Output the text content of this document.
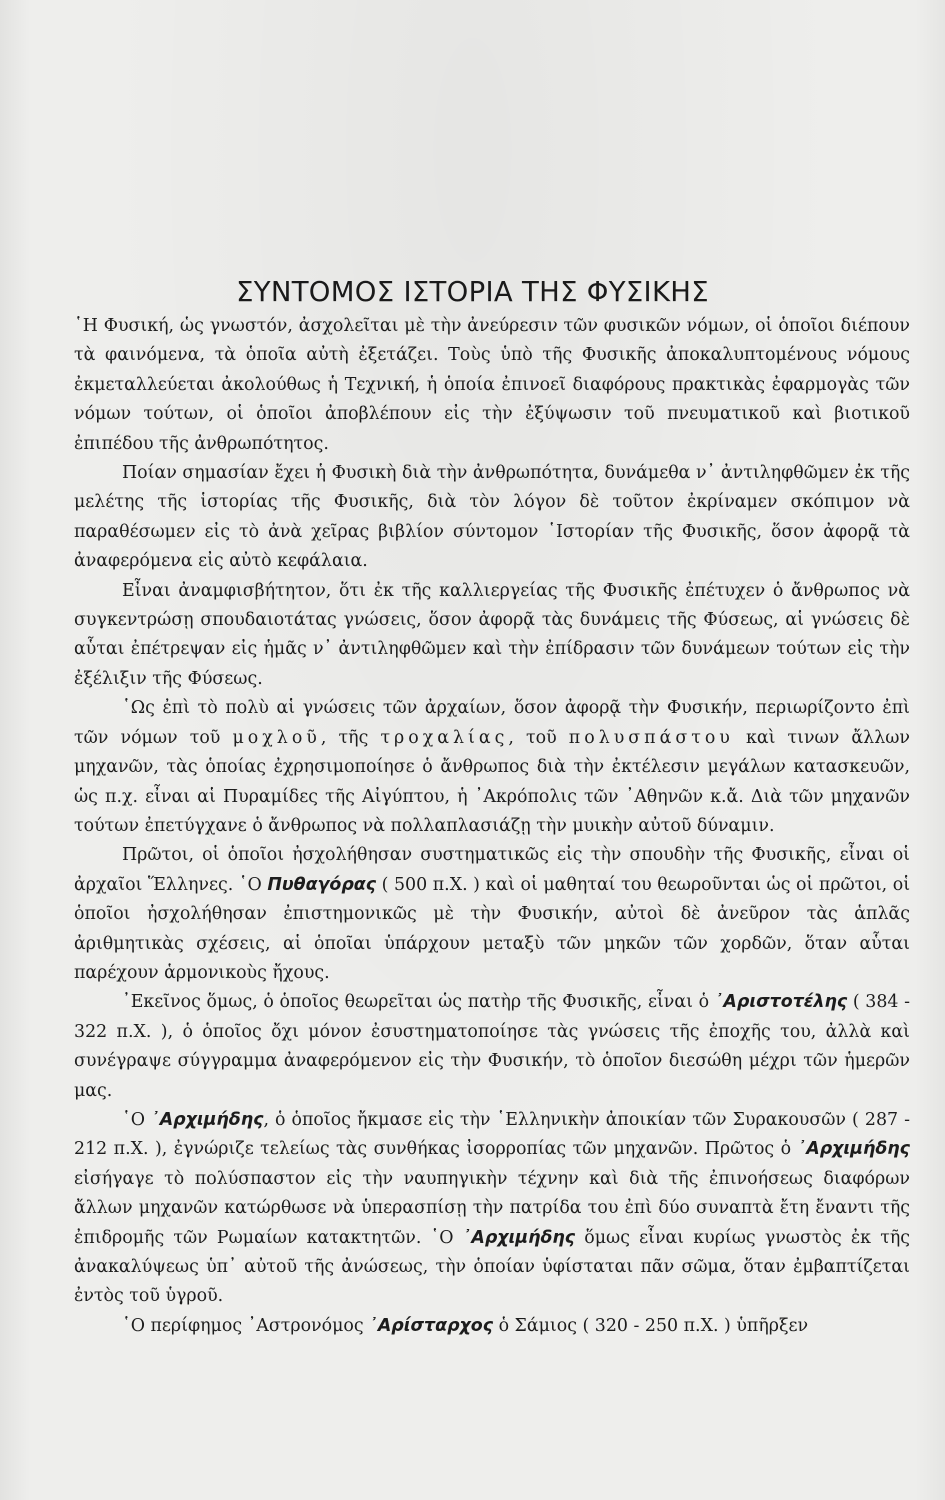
ΣΥΝΤΟΜΟΣ ΙΣΤΟΡΙΑ ΤΗΣ ΦΥΣΙΚΗΣ

῾Η Φυσική, ὡς γνωστόν, ἀσχολεῖται μὲ τὴν ἀνεύρεσιν τῶν φυσικῶν νόμων, οἱ ὁποῖοι διέπουν τὰ φαινόμενα, τὰ ὁποῖα αὐτὴ ἐξετάζει. Τοὺς ὑπὸ τῆς Φυσικῆς ἀποκαλυπτομένους νόμους ἐκμεταλλεύεται ἀκολούθως ἡ Τεχνική, ἡ ὁποία ἐπινοεῖ διαφόρους πρακτικὰς ἐφαρμογὰς τῶν νόμων τούτων, οἱ ὁποῖοι ἀποβλέπουν εἰς τὴν ἐξύψωσιν τοῦ πνευματικοῦ καὶ βιοτικοῦ ἐπιπέδου τῆς ἀνθρωπότητος.

Ποίαν σημασίαν ἔχει ἡ Φυσικὴ διὰ τὴν ἀνθρωπότητα, δυνάμεθα ν᾿ ἀντιληφθῶμεν ἐκ τῆς μελέτης τῆς ἱστορίας τῆς Φυσικῆς, διὰ τὸν λόγον δὲ τοῦτον ἐκρίναμεν σκόπιμον νὰ παραθέσωμεν εἰς τὸ ἀνὰ χεῖρας βιβλίον σύντομον ῾Ιστορίαν τῆς Φυσικῆς, ὅσον ἀφορᾷ τὰ ἀναφερόμενα εἰς αὐτὸ κεφάλαια.

Εἶναι ἀναμφισβήτητον, ὅτι ἐκ τῆς καλλιεργείας τῆς Φυσικῆς ἐπέτυχεν ὁ ἄνθρωπος νὰ συγκεντρώσῃ σπουδαιοτάτας γνώσεις, ὅσον ἀφορᾷ τὰς δυνάμεις τῆς Φύσεως, αἱ γνώσεις δὲ αὗται ἐπέτρεψαν εἰς ἡμᾶς ν᾿ ἀντιληφθῶμεν καὶ τὴν ἐπίδρασιν τῶν δυνάμεων τούτων εἰς τὴν ἐξέλιξιν τῆς Φύσεως.

῾Ως ἐπὶ τὸ πολὺ αἱ γνώσεις τῶν ἀρχαίων, ὅσον ἀφορᾷ τὴν Φυσικήν, περιωρίζοντο ἐπὶ τῶν νόμων τοῦ μοχλοῦ, τῆς τροχαλίας, τοῦ πολυσπάστου καὶ τινων ἄλλων μηχανῶν, τὰς ὁποίας ἐχρησιμοποίησε ὁ ἄνθρωπος διὰ τὴν ἐκτέλεσιν μεγάλων κατασκευῶν, ὡς π.χ. εἶναι αἱ Πυραμίδες τῆς Αἰγύπτου, ἡ ᾿Ακρόπολις τῶν ᾿Αθηνῶν κ.ἄ. Διὰ τῶν μηχανῶν τούτων ἐπετύγχανε ὁ ἄνθρωπος νὰ πολλαπλασιάζῃ τὴν μυικὴν αὐτοῦ δύναμιν.

Πρῶτοι, οἱ ὁποῖοι ἠσχολήθησαν συστηματικῶς εἰς τὴν σπουδὴν τῆς Φυσικῆς, εἶναι οἱ ἀρχαῖοι Ἕλληνες. ῾Ο Πυθαγόρας ( 500 π.Χ. ) καὶ οἱ μαθηταί του θεωροῦνται ὡς οἱ πρῶτοι, οἱ ὁποῖοι ἠσχολήθησαν ἐπιστημονικῶς μὲ τὴν Φυσικήν, αὐτοὶ δὲ ἀνεῦρον τὰς ἁπλᾶς ἀριθμητικὰς σχέσεις, αἱ ὁποῖαι ὑπάρχουν μεταξὺ τῶν μηκῶν τῶν χορδῶν, ὅταν αὗται παρέχουν ἁρμονικοὺς ἤχους.

᾿Εκεῖνος ὅμως, ὁ ὁποῖος θεωρεῖται ὡς πατὴρ τῆς Φυσικῆς, εἶναι ὁ ᾿Αριστοτέλης ( 384 - 322 π.Χ. ), ὁ ὁποῖος ὄχι μόνον ἐσυστηματοποίησε τὰς γνώσεις τῆς ἐποχῆς του, ἀλλὰ καὶ συνέγραψε σύγγραμμα ἀναφερόμενον εἰς τὴν Φυσικήν, τὸ ὁποῖον διεσώθη μέχρι τῶν ἡμερῶν μας.

῾Ο ᾿Αρχιμήδης, ὁ ὁποῖος ἤκμασε εἰς τὴν ῾Ελληνικὴν ἀποικίαν τῶν Συρακουσῶν ( 287 - 212 π.Χ. ), ἐγνώριζε τελείως τὰς συνθήκας ἰσορροπίας τῶν μηχανῶν. Πρῶτος ὁ ᾿Αρχιμήδης εἰσήγαγε τὸ πολύσπαστον εἰς τὴν ναυπηγικὴν τέχνην καὶ διὰ τῆς ἐπινοήσεως διαφόρων ἄλλων μηχανῶν κατώρθωσε νὰ ὑπερασπίσῃ τὴν πατρίδα του ἐπὶ δύο συναπτὰ ἔτη ἔναντι τῆς ἐπιδρομῆς τῶν Ρωμαίων κατακτητῶν. ῾Ο ᾿Αρχιμήδης ὅμως εἶναι κυρίως γνωστὸς ἐκ τῆς ἀνακαλύψεως ὑπ᾿ αὐτοῦ τῆς ἀνώσεως, τὴν ὁποίαν ὑφίσταται πᾶν σῶμα, ὅταν ἐμβαπτίζεται ἐντὸς τοῦ ὑγροῦ.

῾Ο περίφημος ᾿Αστρονόμος ᾿Αρίσταρχος ὁ Σάμιος ( 320 - 250 π.Χ. ) ὑπῆρξεν
